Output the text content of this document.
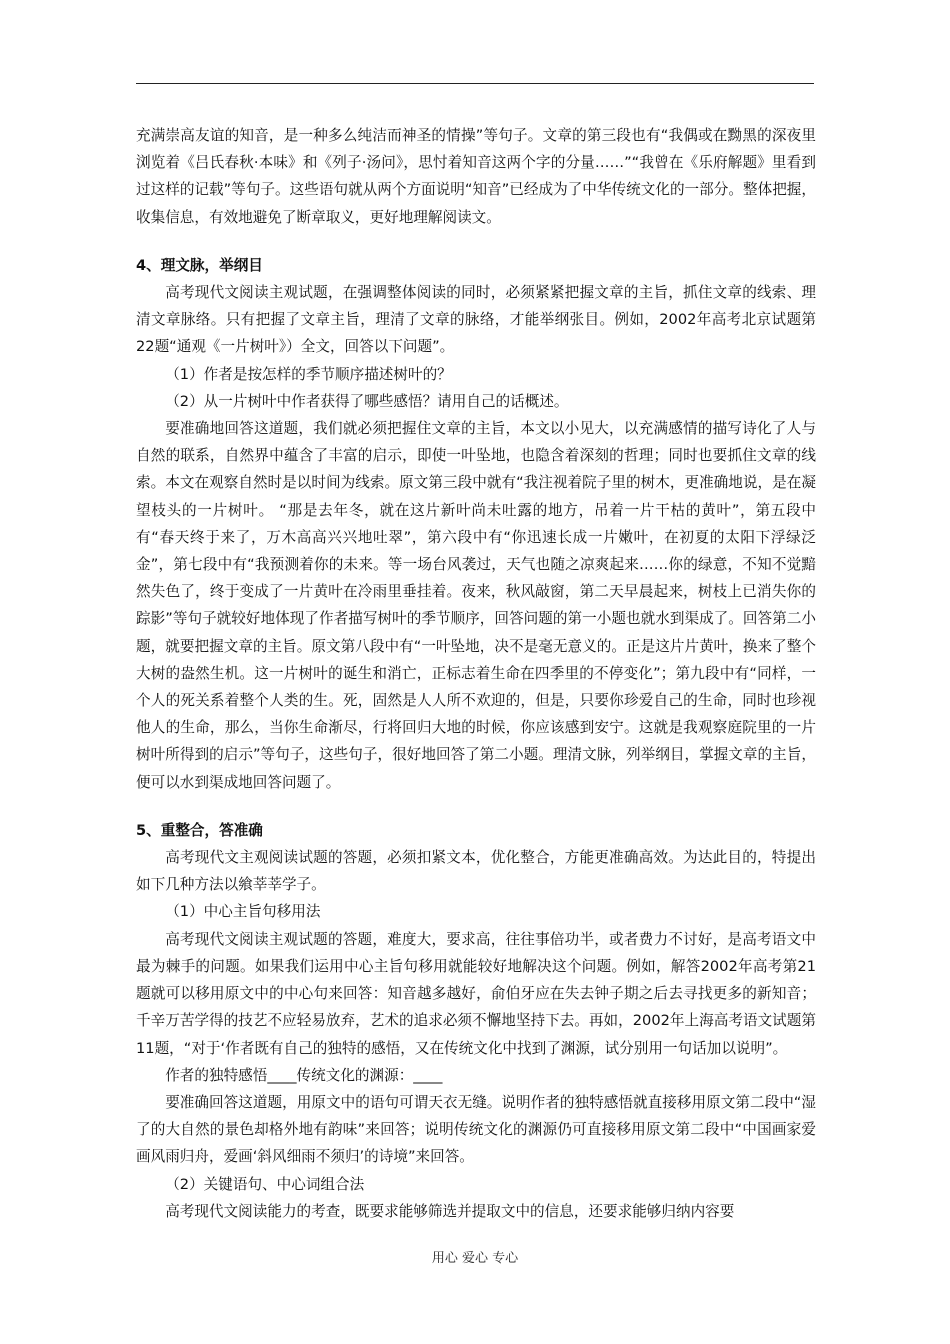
充满崇高友谊的知音，是一种多么纯洁而神圣的情操”等句子。文章的第三段也有“我偶或在黝黑的深夜里浏览着《吕氏春秋·本味》和《列子·汤问》，思忖着知音这两个字的分量……”“我曾在《乐府解题》里看到过这样的记载”等句子。这些语句就从两个方面说明“知音”已经成为了中华传统文化的一部分。整体把握，收集信息，有效地避免了断章取义，更好地理解阅读文。

4、理文脉，举纲目

高考现代文阅读主观试题，在强调整体阅读的同时，必须紧紧把握文章的主旨，抓住文章的线索、理清文章脉络。只有把握了文章主旨，理清了文章的脉络，才能举纲张目。例如，2002年高考北京试题第22题“通观《一片树叶》）全文，回答以下问题”。

（1）作者是按怎样的季节顺序描述树叶的？

（2）从一片树叶中作者获得了哪些感悟？请用自己的话概述。

要准确地回答这道题，我们就必须把握住文章的主旨，本文以小见大，以充满感情的描写诗化了人与自然的联系，自然界中蕴含了丰富的启示，即使一叶坠地，也隐含着深刻的哲理；同时也要抓住文章的线索。本文在观察自然时是以时间为线索。原文第三段中就有“我注视着院子里的树木，更准确地说，是在凝望枝头的一片树叶。 “那是去年冬，就在这片新叶尚未吐露的地方，吊着一片干枯的黄叶”，第五段中有“春天终于来了，万木高高兴兴地吐翠”，第六段中有“你迅速长成一片嫩叶，在初夏的太阳下浮绿泛金”，第七段中有“我预测着你的未来。等一场台风袭过，天气也随之凉爽起来……你的绿意，不知不觉黯然失色了，终于变成了一片黄叶在冷雨里垂挂着。夜来，秋风敲窗，第二天早晨起来，树枝上已消失你的踪影”等句子就较好地体现了作者描写树叶的季节顺序，回答问题的第一小题也就水到渠成了。回答第二小题，就要把握文章的主旨。原文第八段中有“一叶坠地，决不是毫无意义的。正是这片片黄叶，换来了整个大树的盎然生机。这一片树叶的诞生和消亡，正标志着生命在四季里的不停变化”；第九段中有“同样，一个人的死关系着整个人类的生。死，固然是人人所不欢迎的，但是，只要你珍爱自己的生命，同时也珍视他人的生命，那么，当你生命渐尽，行将回归大地的时候，你应该感到安宁。这就是我观察庭院里的一片树叶所得到的启示”等句子，这些句子，很好地回答了第二小题。理清文脉，列举纲目，掌握文章的主旨，便可以水到渠成地回答问题了。

5、重整合，答准确

高考现代文主观阅读试题的答题，必须扣紧文本，优化整合，方能更准确高效。为达此目的，特提出如下几种方法以飨莘莘学子。

（1）中心主旨句移用法

高考现代文阅读主观试题的答题，难度大，要求高，往往事倍功半，或者费力不讨好，是高考语文中最为棘手的问题。如果我们运用中心主旨句移用就能较好地解决这个问题。例如，解答2002年高考第21题就可以移用原文中的中心句来回答：知音越多越好，俞伯牙应在失去钟子期之后去寻找更多的新知音；千辛万苦学得的技艺不应轻易放弃，艺术的追求必须不懈地坚持下去。再如，2002年上海高考语文试题第11题，“对于‘作者既有自己的独特的感悟，又在传统文化中找到了渊源，试分别用一句话加以说明”。

作者的独特感悟____传统文化的渊源：____

要准确回答这道题，用原文中的语句可谓天衣无缝。说明作者的独特感悟就直接移用原文第二段中“湿了的大自然的景色却格外地有韵味”来回答；说明传统文化的渊源仍可直接移用原文第二段中“中国画家爱画风雨归舟，爱画‘斜风细雨不须归’的诗境”来回答。

（2）关键语句、中心词组合法

高考现代文阅读能力的考查，既要求能够筛选并提取文中的信息，还要求能够归纳内容要

用心 爱心 专心
